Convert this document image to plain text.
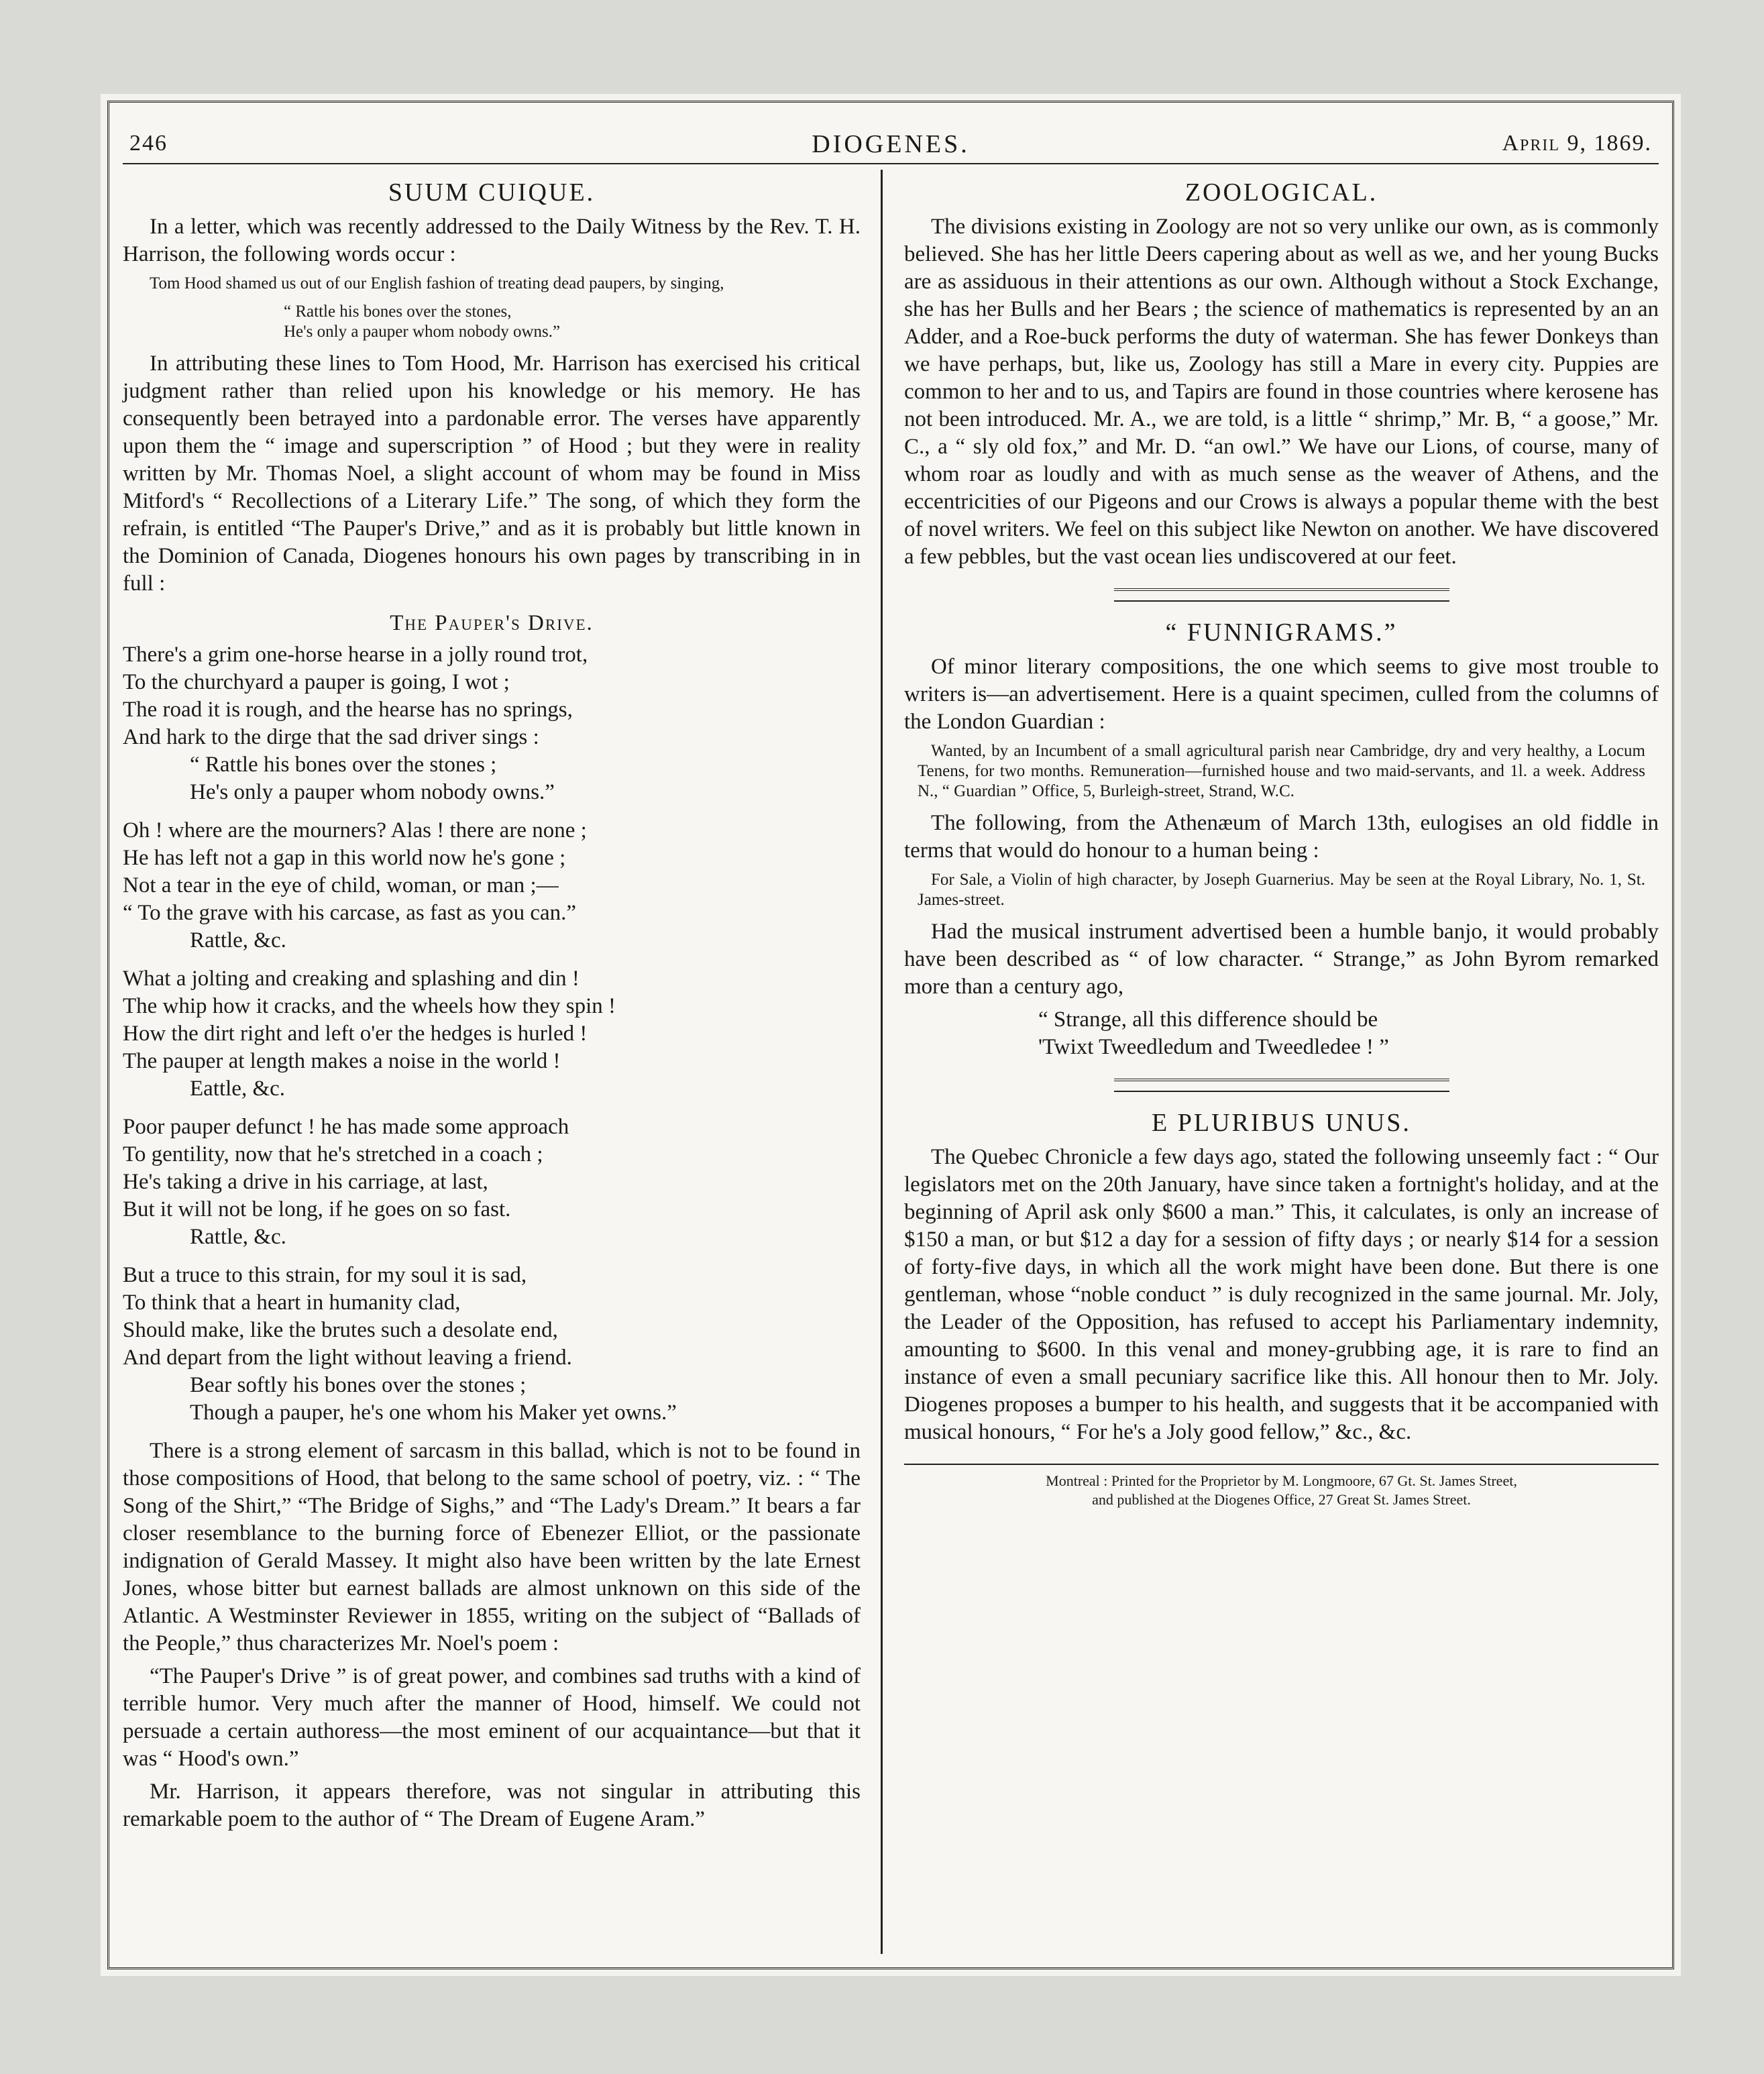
246	DIOGENES.	April 9, 1869.
SUUM CUIQUE.

In a letter, which was recently addressed to the Daily Witness by the Rev. T. H. Harrison, the following words occur :

Tom Hood shamed us out of our English fashion of treating dead paupers, by singing,
“ Rattle his bones over the stones,
He's only a pauper whom nobody owns.”

In attributing these lines to Tom Hood, Mr. Harrison has exercised his critical judgment rather than relied upon his knowledge or his memory. He has consequently been betrayed into a pardonable error. The verses have apparently upon them the “ image and superscription ” of Hood ; but they were in reality written by Mr. Thomas Noel, a slight account of whom may be found in Miss Mitford's “ Recollections of a Literary Life.” The song, of which they form the refrain, is entitled “The Pauper's Drive,” and as it is probably but little known in the Dominion of Canada, Diogenes honours his own pages by transcribing in in full :

The Pauper's Drive.
There's a grim one-horse hearse in a jolly round trot,
To the churchyard a pauper is going, I wot ;
The road it is rough, and the hearse has no springs,
And hark to the dirge that the sad driver sings :
“ Rattle his bones over the stones ;
He's only a pauper whom nobody owns.”
Oh ! where are the mourners? Alas ! there are none ;
He has left not a gap in this world now he's gone ;
Not a tear in the eye of child, woman, or man ;—
“ To the grave with his carcase, as fast as you can.”
Rattle, &c.
What a jolting and creaking and splashing and din !
The whip how it cracks, and the wheels how they spin !
How the dirt right and left o'er the hedges is hurled !
The pauper at length makes a noise in the world !
Eattle, &c.
Poor pauper defunct ! he has made some approach
To gentility, now that he's stretched in a coach ;
He's taking a drive in his carriage, at last,
But it will not be long, if he goes on so fast.
Rattle, &c.
But a truce to this strain, for my soul it is sad,
To think that a heart in humanity clad,
Should make, like the brutes such a desolate end,
And depart from the light without leaving a friend.
Bear softly his bones over the stones ;
Though a pauper, he's one whom his Maker yet owns.”

There is a strong element of sarcasm in this ballad, which is not to be found in those compositions of Hood, that belong to the same school of poetry, viz. : “ The Song of the Shirt,” “The Bridge of Sighs,” and “The Lady's Dream.” It bears a far closer resemblance to the burning force of Ebenezer Elliot, or the passionate indignation of Gerald Massey. It might also have been written by the late Ernest Jones, whose bitter but earnest ballads are almost unknown on this side of the Atlantic. A Westminster Reviewer in 1855, writing on the subject of “Ballads of the People,” thus characterizes Mr. Noel's poem :

“The Pauper's Drive ” is of great power, and combines sad truths with a kind of terrible humor. Very much after the manner of Hood, himself. We could not persuade a certain authoress—the most eminent of our acquaintance—but that it was “ Hood's own.”

Mr. Harrison, it appears therefore, was not singular in attributing this remarkable poem to the author of “ The Dream of Eugene Aram.”

ZOOLOGICAL.

The divisions existing in Zoology are not so very unlike our own, as is commonly believed. She has her little Deers capering about as well as we, and her young Bucks are as assiduous in their attentions as our own. Although without a Stock Exchange, she has her Bulls and her Bears ; the science of mathematics is represented by an an Adder, and a Roe-buck performs the duty of waterman. She has fewer Donkeys than we have perhaps, but, like us, Zoology has still a Mare in every city. Puppies are common to her and to us, and Tapirs are found in those countries where kerosene has not been introduced. Mr. A., we are told, is a little “ shrimp,” Mr. B, “ a goose,” Mr. C., a “ sly old fox,” and Mr. D. “an owl.” We have our Lions, of course, many of whom roar as loudly and with as much sense as the weaver of Athens, and the eccentricities of our Pigeons and our Crows is always a popular theme with the best of novel writers. We feel on this subject like Newton on another. We have discovered a few pebbles, but the vast ocean lies undiscovered at our feet.

“ FUNNIGRAMS.”

Of minor literary compositions, the one which seems to give most trouble to writers is—an advertisement. Here is a quaint specimen, culled from the columns of the London Guardian :

Wanted, by an Incumbent of a small agricultural parish near Cambridge, dry and very healthy, a Locum Tenens, for two months. Remuneration—furnished house and two maid-servants, and 1l. a week. Address N., “ Guardian ” Office, 5, Burleigh-street, Strand, W.C.

The following, from the Athenæum of March 13th, eulogises an old fiddle in terms that would do honour to a human being :

For Sale, a Violin of high character, by Joseph Guarnerius. May be seen at the Royal Library, No. 1, St. James-street.

Had the musical instrument advertised been a humble banjo, it would probably have been described as “ of low character. “ Strange,” as John Byrom remarked more than a century ago,

“ Strange, all this difference should be
'Twixt Tweedledum and Tweedledee ! ”
E PLURIBUS UNUS.

The Quebec Chronicle a few days ago, stated the following unseemly fact : “ Our legislators met on the 20th January, have since taken a fortnight's holiday, and at the beginning of April ask only $600 a man.” This, it calculates, is only an increase of $150 a man, or but $12 a day for a session of fifty days ; or nearly $14 for a session of forty-five days, in which all the work might have been done. But there is one gentleman, whose “noble conduct ” is duly recognized in the same journal. Mr. Joly, the Leader of the Opposition, has refused to accept his Parliamentary indemnity, amounting to $600. In this venal and money-grubbing age, it is rare to find an instance of even a small pecuniary sacrifice like this. All honour then to Mr. Joly. Diogenes proposes a bumper to his health, and suggests that it be accompanied with musical honours, “ For he's a Joly good fellow,” &c., &c.

Montreal : Printed for the Proprietor by M. Longmoore, 67 Gt. St. James Street,
and published at the Diogenes Office, 27 Great St. James Street.
